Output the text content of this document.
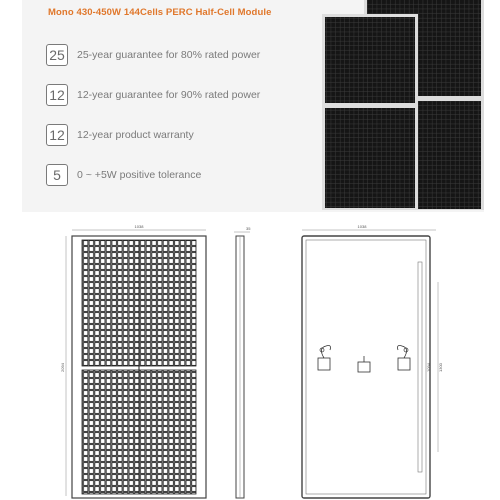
Mono 430-450W 144Cells PERC Half-Cell Module
25	25-year guarantee for 80% rated power
12	12-year guarantee for 90% rated power
12	12-year product warranty
5	0 ~ +5W positive tolerance
1038
2094
35	1038
1300
1094
